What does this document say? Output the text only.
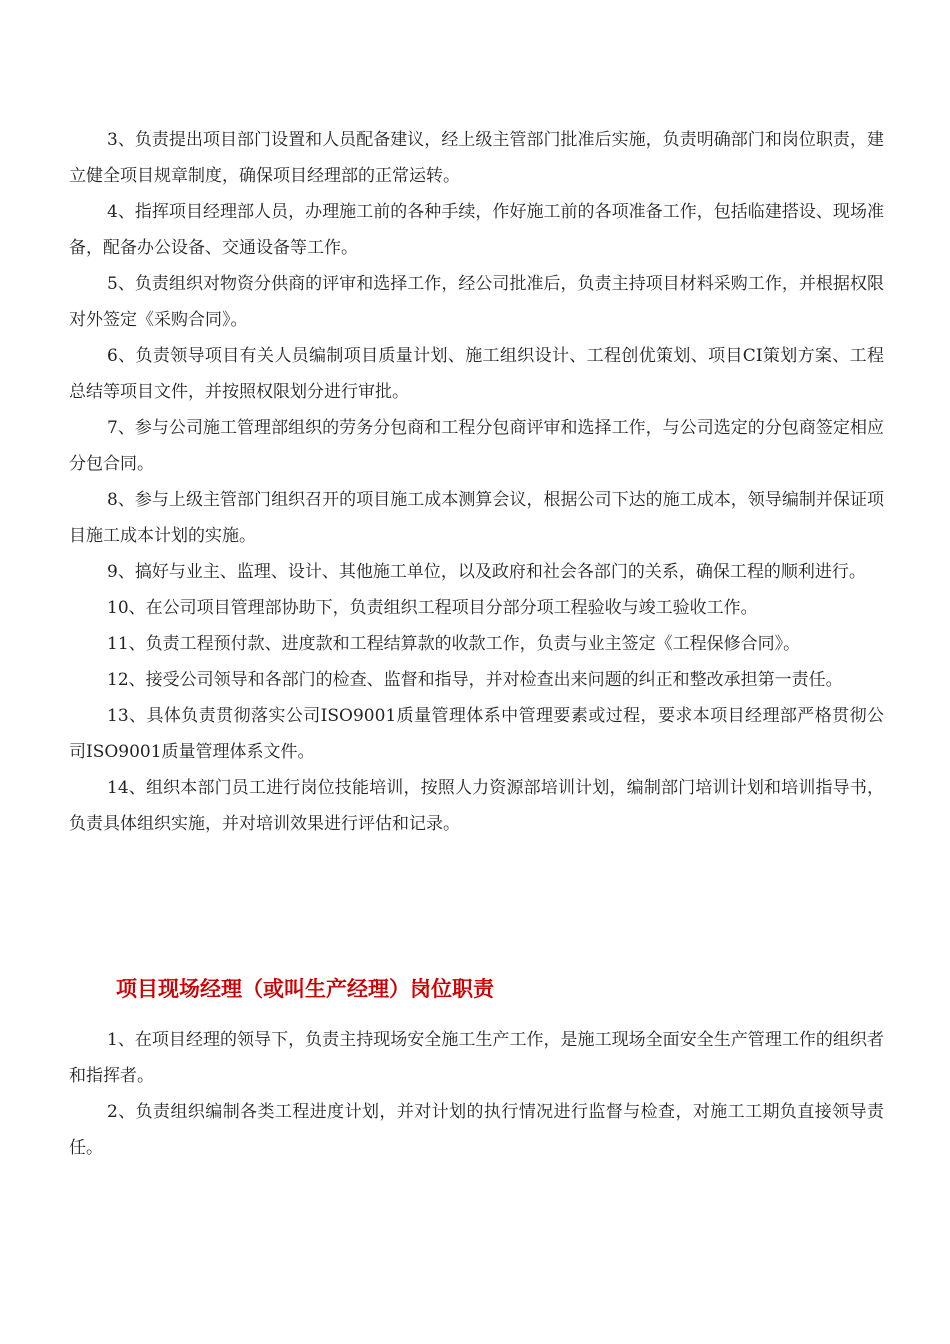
3、负责提出项目部门设置和人员配备建议，经上级主管部门批准后实施，负责明确部门和岗位职责，建立健全项目规章制度，确保项目经理部的正常运转。

4、指挥项目经理部人员，办理施工前的各种手续，作好施工前的各项准备工作，包括临建搭设、现场准备，配备办公设备、交通设备等工作。

5、负责组织对物资分供商的评审和选择工作，经公司批准后，负责主持项目材料采购工作，并根据权限对外签定《采购合同》。

6、负责领导项目有关人员编制项目质量计划、施工组织设计、工程创优策划、项目CI策划方案、工程总结等项目文件，并按照权限划分进行审批。

7、参与公司施工管理部组织的劳务分包商和工程分包商评审和选择工作，与公司选定的分包商签定相应分包合同。

8、参与上级主管部门组织召开的项目施工成本测算会议，根据公司下达的施工成本，领导编制并保证项目施工成本计划的实施。

9、搞好与业主、监理、设计、其他施工单位，以及政府和社会各部门的关系，确保工程的顺利进行。

10、在公司项目管理部协助下，负责组织工程项目分部分项工程验收与竣工验收工作。

11、负责工程预付款、进度款和工程结算款的收款工作，负责与业主签定《工程保修合同》。

12、接受公司领导和各部门的检查、监督和指导，并对检查出来问题的纠正和整改承担第一责任。

13、具体负责贯彻落实公司ISO9001质量管理体系中管理要素或过程，要求本项目经理部严格贯彻公司ISO9001质量管理体系文件。

14、组织本部门员工进行岗位技能培训，按照人力资源部培训计划，编制部门培训计划和培训指导书，负责具体组织实施，并对培训效果进行评估和记录。

项目现场经理（或叫生产经理）岗位职责

1、在项目经理的领导下，负责主持现场安全施工生产工作，是施工现场全面安全生产管理工作的组织者和指挥者。

2、负责组织编制各类工程进度计划，并对计划的执行情况进行监督与检查，对施工工期负直接领导责任。
